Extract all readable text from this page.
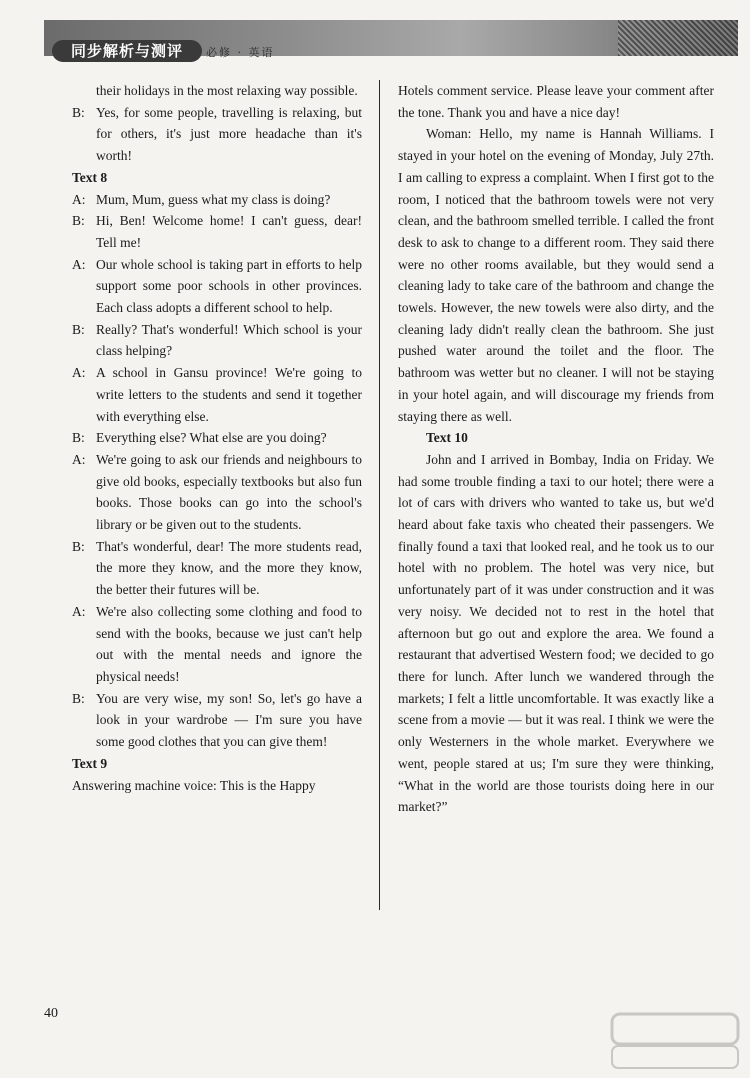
同步解析与测评	必修 · 英语

their holidays in the most relaxing way possible.

B: Yes, for some people, travelling is relaxing, but for others, it's just more headache than it's worth!

Text 8

A: Mum, Mum, guess what my class is doing?
B: Hi, Ben! Welcome home! I can't guess, dear! Tell me!
A: Our whole school is taking part in efforts to help support some poor schools in other provinces. Each class adopts a different school to help.
B: Really? That's wonderful! Which school is your class helping?
A: A school in Gansu province! We're going to write letters to the students and send it together with everything else.
B: Everything else? What else are you doing?
A: We're going to ask our friends and neighbours to give old books, especially textbooks but also fun books. Those books can go into the school's library or be given out to the students.
B: That's wonderful, dear! The more students read, the more they know, and the more they know, the better their futures will be.
A: We're also collecting some clothing and food to send with the books, because we just can't help out with the mental needs and ignore the physical needs!
B: You are very wise, my son! So, let's go have a look in your wardrobe — I'm sure you have some good clothes that you can give them!

Text 9

Answering machine voice: This is the Happy

Hotels comment service. Please leave your comment after the tone. Thank you and have a nice day!

Woman: Hello, my name is Hannah Williams. I stayed in your hotel on the evening of Monday, July 27th. I am calling to express a complaint. When I first got to the room, I noticed that the bathroom towels were not very clean, and the bathroom smelled terrible. I called the front desk to ask to change to a different room. They said there were no other rooms available, but they would send a cleaning lady to take care of the bathroom and change the towels. However, the new towels were also dirty, and the cleaning lady didn't really clean the bathroom. She just pushed water around the toilet and the floor. The bathroom was wetter but no cleaner. I will not be staying in your hotel again, and will discourage my friends from staying there as well.

Text 10

John and I arrived in Bombay, India on Friday. We had some trouble finding a taxi to our hotel; there were a lot of cars with drivers who wanted to take us, but we'd heard about fake taxis who cheated their passengers. We finally found a taxi that looked real, and he took us to our hotel with no problem. The hotel was very nice, but unfortunately part of it was under construction and it was very noisy. We decided not to rest in the hotel that afternoon but go out and explore the area. We found a restaurant that advertised Western food; we decided to go there for lunch. After lunch we wandered through the markets; I felt a little uncomfortable. It was exactly like a scene from a movie — but it was real. I think we were the only Westerners in the whole market. Everywhere we went, people stared at us; I'm sure they were thinking, “What in the world are those tourists doing here in our market?”

40
